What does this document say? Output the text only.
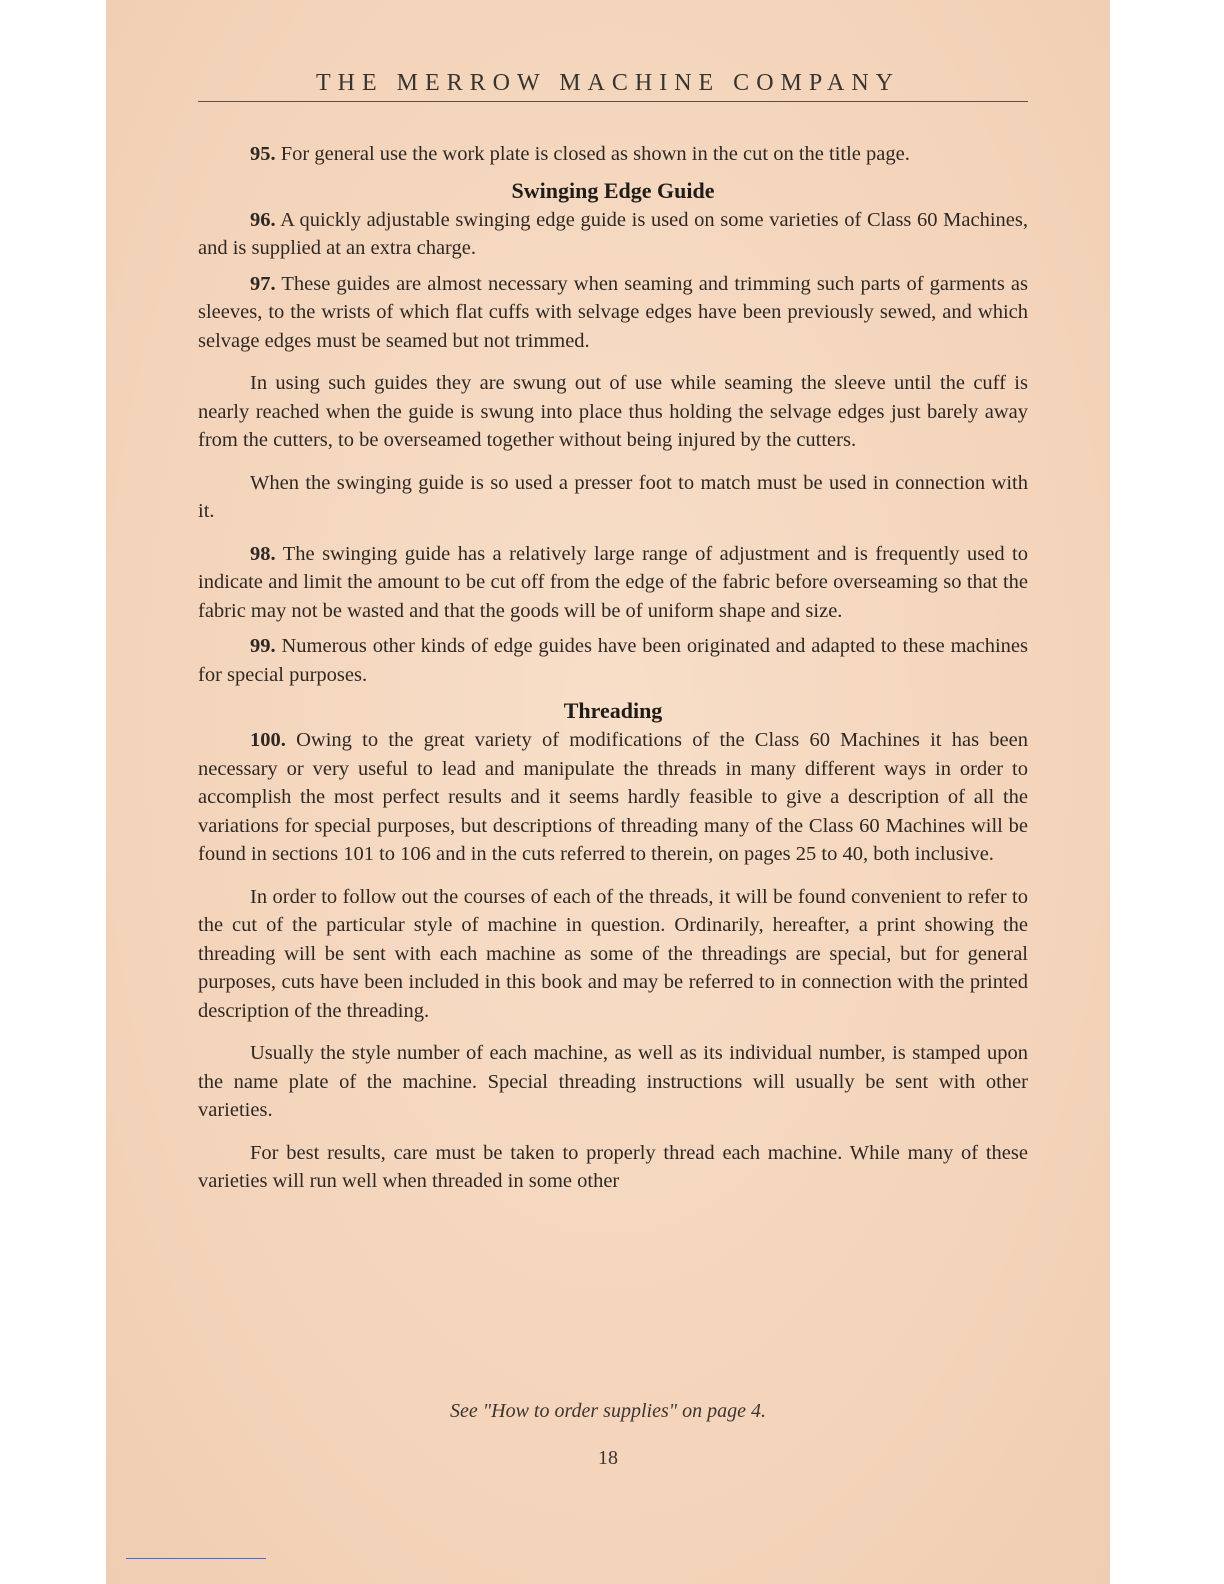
THE MERROW MACHINE COMPANY

95. For general use the work plate is closed as shown in the cut on the title page.

Swinging Edge Guide

96. A quickly adjustable swinging edge guide is used on some varieties of Class 60 Machines, and is supplied at an extra charge.

97. These guides are almost necessary when seaming and trimming such parts of garments as sleeves, to the wrists of which flat cuffs with selvage edges have been previously sewed, and which selvage edges must be seamed but not trimmed.

In using such guides they are swung out of use while seaming the sleeve until the cuff is nearly reached when the guide is swung into place thus holding the selvage edges just barely away from the cutters, to be overseamed together without being injured by the cutters.

When the swinging guide is so used a presser foot to match must be used in connection with it.

98. The swinging guide has a relatively large range of adjustment and is frequently used to indicate and limit the amount to be cut off from the edge of the fabric before overseaming so that the fabric may not be wasted and that the goods will be of uniform shape and size.

99. Numerous other kinds of edge guides have been originated and adapted to these machines for special purposes.

Threading

100. Owing to the great variety of modifications of the Class 60 Machines it has been necessary or very useful to lead and manipulate the threads in many different ways in order to accomplish the most perfect results and it seems hardly feasible to give a description of all the variations for special purposes, but descriptions of threading many of the Class 60 Machines will be found in sections 101 to 106 and in the cuts referred to therein, on pages 25 to 40, both inclusive.

In order to follow out the courses of each of the threads, it will be found convenient to refer to the cut of the particular style of machine in question. Ordinarily, hereafter, a print showing the threading will be sent with each machine as some of the threadings are special, but for general purposes, cuts have been included in this book and may be referred to in connection with the printed description of the threading.

Usually the style number of each machine, as well as its individual number, is stamped upon the name plate of the machine. Special threading instructions will usually be sent with other varieties.

For best results, care must be taken to properly thread each machine. While many of these varieties will run well when threaded in some other

See "How to order supplies" on page 4.
18
